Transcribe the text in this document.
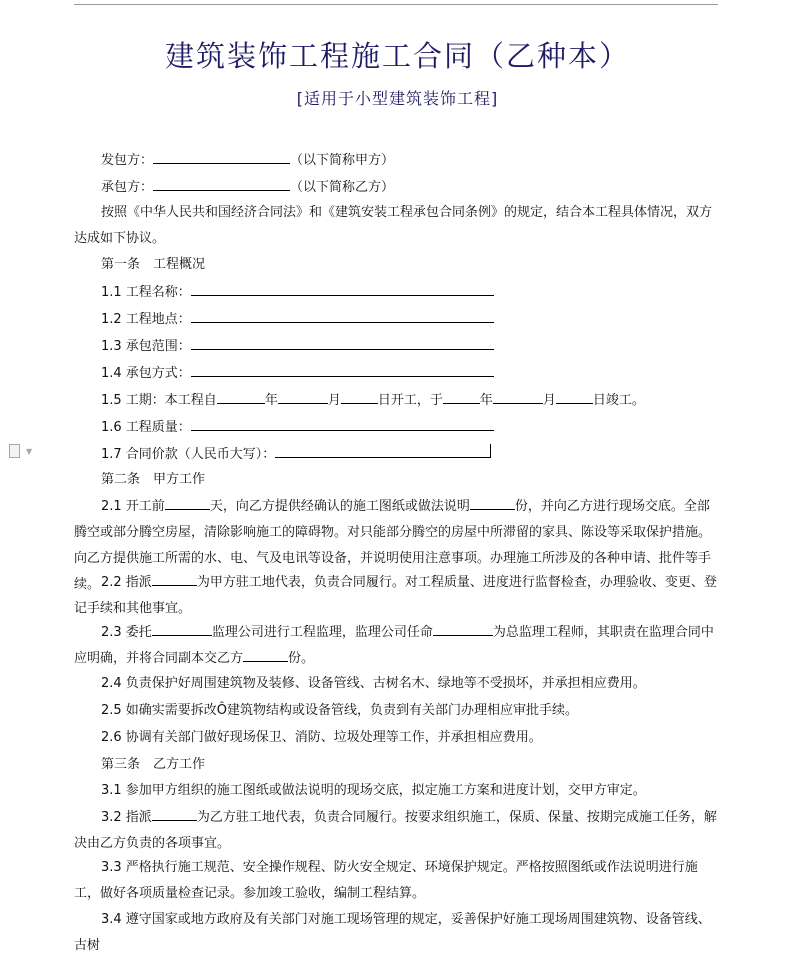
建筑装饰工程施工合同（乙种本）
[适用于小型建筑装饰工程]
▼
发包方：	（以下简称甲方）
承包方：	（以下简称乙方）
按照《中华人民共和国经济合同法》和《建筑安装工程承包合同条例》的规定，结合本工程具体情况，双方达成如下协议。
第一条　工程概况
1.1 工程名称：
1.2 工程地点：
1.3 承包范围：
1.4 承包方式：
1.5 工期：本工程自	年	月	日开工，于	年	月	日竣工。
1.6 工程质量：
1.7 合同价款（人民币大写）：
第二条　甲方工作
2.1 开工前	天，向乙方提供经确认的施工图纸或做法说明	份，并向乙方进行现场交底。全部腾空或部分腾空房屋，清除影响施工的障碍物。对只能部分腾空的房屋中所滞留的家具、陈设等采取保护措施。向乙方提供施工所需的水、电、气及电讯等设备，并说明使用注意事项。办理施工所涉及的各种申请、批件等手续。 2.2 指派	为甲方驻工地代表，负责合同履行。对工程质量、进度进行监督检查，办理验收、变更、登记手续和其他事宜。
2.3 委托	监理公司进行工程监理，监理公司任命	为总监理工程师，其职责在监理合同中应明确，并将合同副本交乙方	份。
2.4 负责保护好周围建筑物及装修、设备管线、古树名木、绿地等不受损坏，并承担相应费用。
2.5 如确实需要拆改Ô建筑物结构或设备管线，负责到有关部门办理相应审批手续。
2.6 协调有关部门做好现场保卫、消防、垃圾处理等工作，并承担相应费用。
第三条　乙方工作
3.1 参加甲方组织的施工图纸或做法说明的现场交底，拟定施工方案和进度计划，交甲方审定。
3.2 指派	为乙方驻工地代表，负责合同履行。按要求组织施工，保质、保量、按期完成施工任务，解决由乙方负责的各项事宜。
3.3 严格执行施工规范、安全操作规程、防火安全规定、环境保护规定。严格按照图纸或作法说明进行施工，做好各项质量检查记录。参加竣工验收，编制工程结算。
3.4 遵守国家或地方政府及有关部门对施工现场管理的规定，妥善保护好施工现场周围建筑物、设备管线、古树
